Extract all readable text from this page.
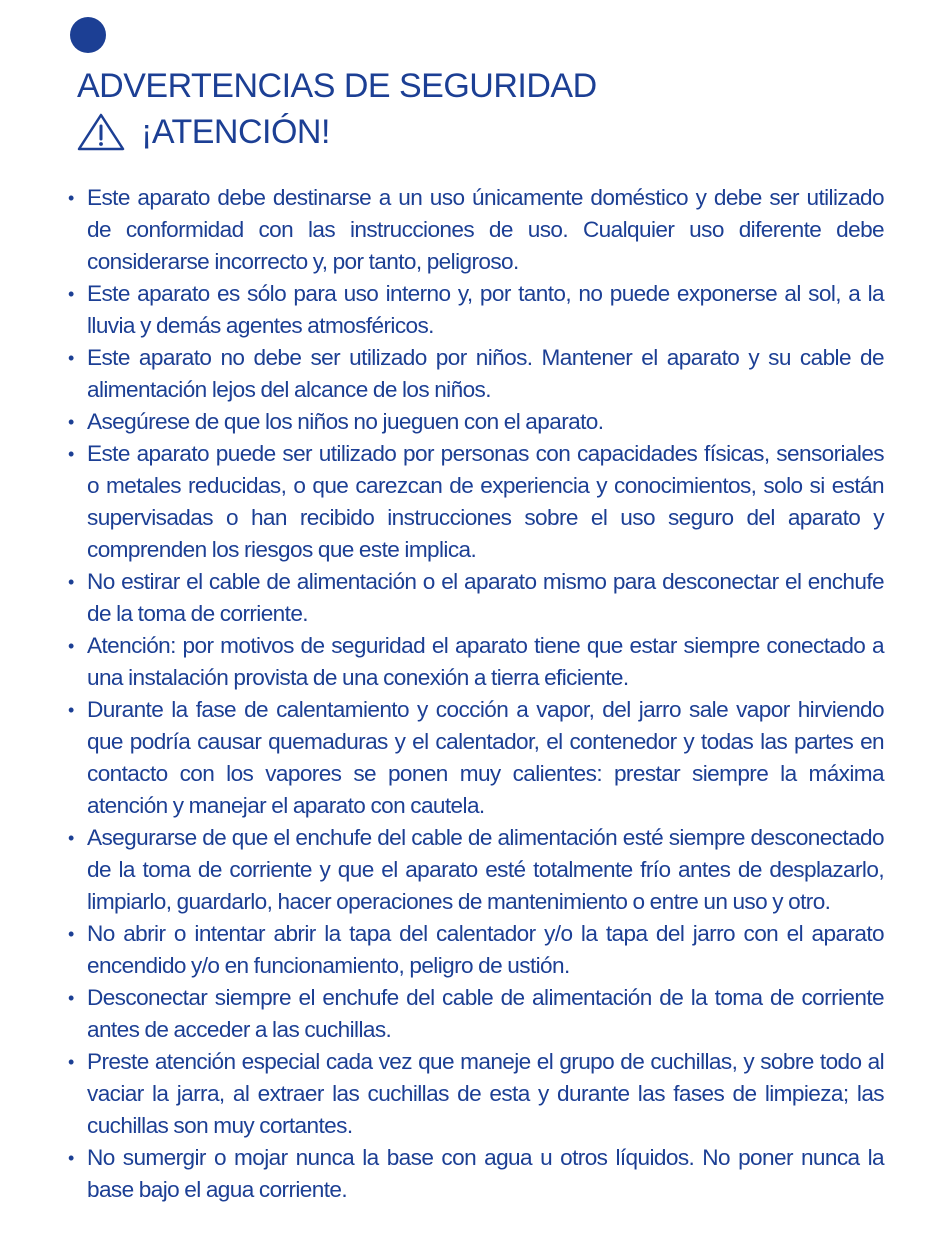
ADVERTENCIAS DE SEGURIDAD
¡ATENCIÓN!
• Este aparato debe destinarse a un uso únicamente doméstico y debe ser utilizado de conformidad con las instrucciones de uso. Cualquier uso diferente debe considerarse incorrecto y, por tanto, peligroso.
• Este aparato es sólo para uso interno y, por tanto, no puede exponerse al sol, a la lluvia y demás agentes atmosféricos.
• Este aparato no debe ser utilizado por niños. Mantener el aparato y su cable de alimentación lejos del alcance de los niños.
• Asegúrese de que los niños no jueguen con el aparato.
• Este aparato puede ser utilizado por personas con capacidades físicas, sensoriales o metales reducidas, o que carezcan de experiencia y conocimientos, solo si están supervisadas o han recibido instrucciones sobre el uso seguro del aparato y comprenden los riesgos que este implica.
• No estirar el cable de alimentación o el aparato mismo para desconectar el enchufe de la toma de corriente.
• Atención: por motivos de seguridad el aparato tiene que estar siempre conectado a una instalación provista de una conexión a tierra eficiente.
• Durante la fase de calentamiento y cocción a vapor, del jarro sale vapor hirviendo que podría causar quemaduras y el calentador, el contenedor y todas las partes en contacto con los vapores se ponen muy calientes: prestar siempre la máxima atención y manejar el aparato con cautela.
• Asegurarse de que el enchufe del cable de alimentación esté siempre desconectado de la toma de corriente y que el aparato esté totalmente frío antes de desplazarlo, limpiarlo, guardarlo, hacer operaciones de mantenimiento o entre un uso y otro.
• No abrir o intentar abrir la tapa del calentador y/o la tapa del jarro con el aparato encendido y/o en funcionamiento, peligro de ustión.
• Desconectar siempre el enchufe del cable de alimentación de la toma de corriente antes de acceder a las cuchillas.
• Preste atención especial cada vez que maneje el grupo de cuchillas, y sobre todo al vaciar la jarra, al extraer las cuchillas de esta y durante las fases de limpieza; las cuchillas son muy cortantes.
• No sumergir o mojar nunca la base con agua u otros líquidos. No poner nunca la base bajo el agua corriente.
